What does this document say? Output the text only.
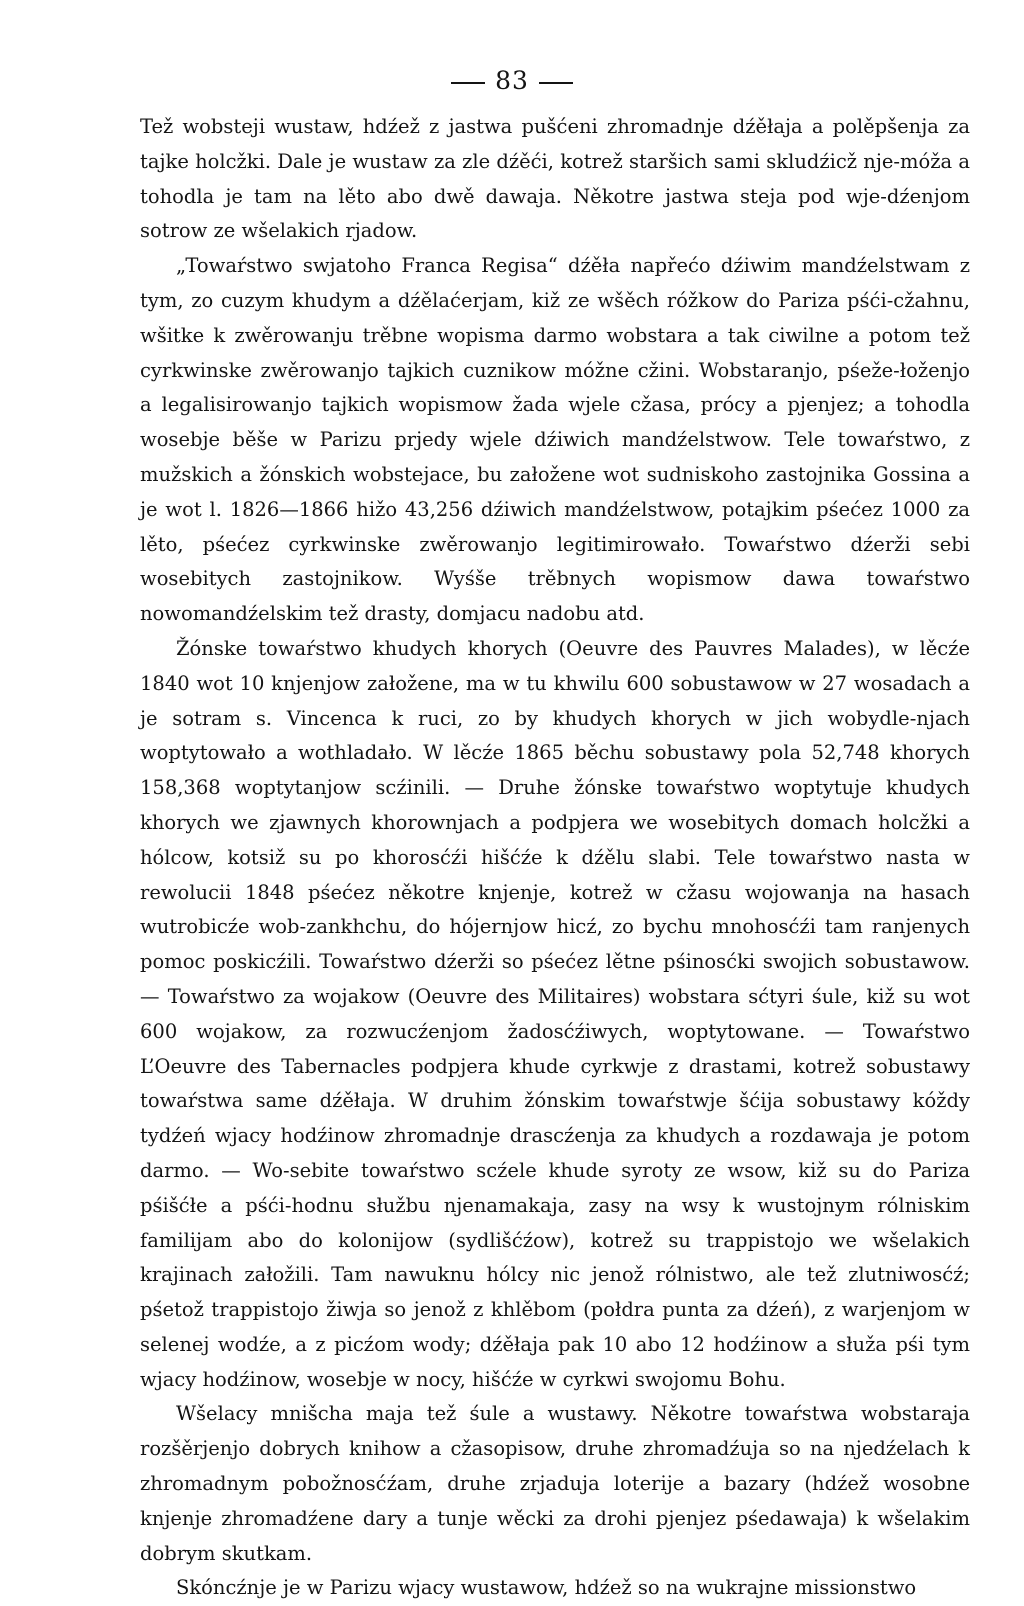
83

Tež wobsteji wustaw, hdźež z jastwa pušćeni zhromadnje dźěłaja a polěpšenja za tajke holcžki. Dale je wustaw za zle dźěći, kotrež staršich sami skludźicž nje-móža a tohodla je tam na lěto abo dwě dawaja. Někotre jastwa steja pod wje-dźenjom sotrow ze wšelakich rjadow.

„Towaŕstwo swjatoho Franca Regisa“ dźěła napřećo dźiwim mandźelstwam z tym, zo cuzym khudym a dźělaćerjam, kiž ze wšěch róžkow do Pariza pśći-cžahnu, wšitke k zwěrowanju trěbne wopisma darmo wobstara a tak ciwilne a potom tež cyrkwinske zwěrowanjo tajkich cuznikow móžne cžini. Wobstaranjo, pśeže-łoženjo a legalisirowanjo tajkich wopismow žada wjele cžasa, prócy a pjenjez; a tohodla wosebje běše w Parizu prjedy wjele dźiwich mandźelstwow. Tele towaŕstwo, z mužskich a žónskich wobstejace, bu załožene wot sudniskoho zastojnika Gossina a je wot l. 1826—1866 hižo 43,256 dźiwich mandźelstwow, potajkim pśećez 1000 za lěto, pśećez cyrkwinske zwěrowanjo legitimirowało. Towaŕstwo dźerži sebi wosebitych zastojnikow. Wyśše trěbnych wopismow dawa towaŕstwo nowomandźelskim tež drasty, domjacu nadobu atd.

Žónske towaŕstwo khudych khorych (Oeuvre des Pauvres Malades), w lěcźe 1840 wot 10 knjenjow załožene, ma w tu khwilu 600 sobustawow w 27 wosadach a je sotram s. Vincenca k ruci, zo by khudych khorych w jich wobydle-njach woptytowało a wothladało. W lěcźe 1865 běchu sobustawy pola 52,748 khorych 158,368 woptytanjow scźinili. — Druhe žónske towaŕstwo woptytuje khudych khorych we zjawnych khorownjach a podpjera we wosebitych domach holcžki a hólcow, kotsiž su po khorosćźi hišćźe k dźělu slabi. Tele towaŕstwo nasta w rewolucii 1848 pśećez někotre knjenje, kotrež w cžasu wojowanja na hasach wutrobicźe wob-zankhchu, do hójernjow hicź, zo bychu mnohosćźi tam ranjenych pomoc poskicźili. Towaŕstwo dźerži so pśećez lětne pśinosćki swojich sobustawow. — Towaŕstwo za wojakow (Oeuvre des Militaires) wobstara sćtyri śule, kiž su wot 600 wojakow, za rozwucźenjom žadosćźiwych, woptytowane. — Towaŕstwo L’Oeuvre des Tabernacles podpjera khude cyrkwje z drastami, kotrež sobustawy towaŕstwa same dźěłaja. W druhim žónskim towaŕstwje šćija sobustawy kóždy tydźeń wjacy hodźinow zhromadnje drascźenja za khudych a rozdawaja je potom darmo. — Wo-sebite towaŕstwo scźele khude syroty ze wsow, kiž su do Pariza pśišćłe a pśći-hodnu słužbu njenamakaja, zasy na wsy k wustojnym rólniskim familijam abo do kolonijow (sydlišćźow), kotrež su trappistojo we wšelakich krajinach załožili. Tam nawuknu hólcy nic jenož rólnistwo, ale tež zlutniwosćź; pśetož trappistojo žiwja so jenož z khlěbom (połdra punta za dźeń), z warjenjom w selenej wodźe, a z picźom wody; dźěłaja pak 10 abo 12 hodźinow a słuža pśi tym wjacy hodźinow, wosebje w nocy, hišćźe w cyrkwi swojomu Bohu.

Wšelacy mnišcha maja tež śule a wustawy. Někotre towaŕstwa wobstaraja rozšěrjenjo dobrych knihow a cžasopisow, druhe zhromadźuja so na njedźelach k zhromadnym pobožnosćźam, druhe zrjaduja loterije a bazary (hdźež wosobne knjenje zhromadźene dary a tunje wěcki za drohi pjenjez pśedawaja) k wšelakim dobrym skutkam.

Skóncźnje je w Parizu wjacy wustawow, hdźež so na wukrajne missionstwo
